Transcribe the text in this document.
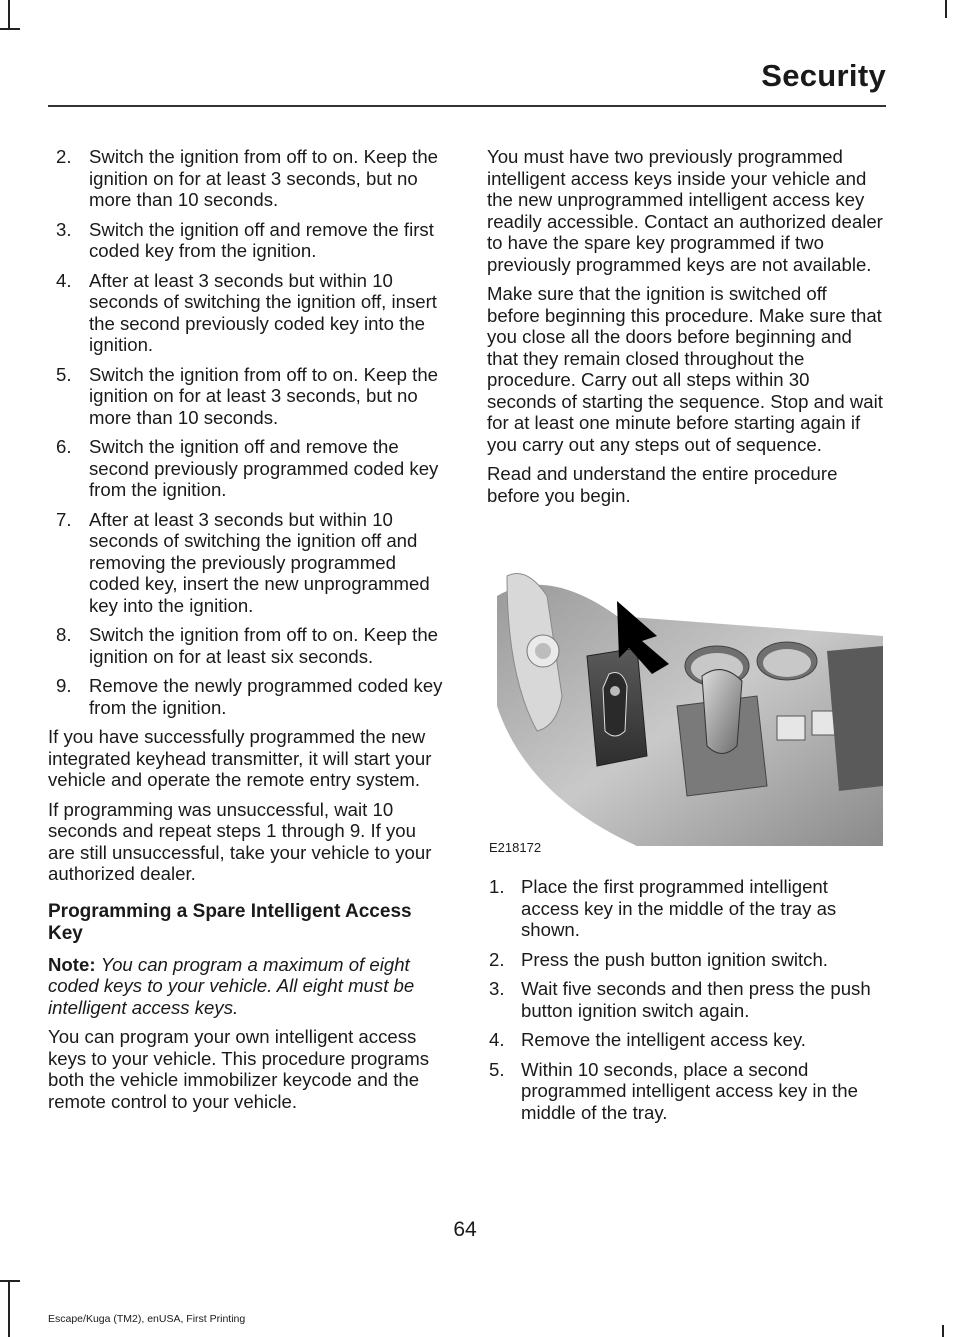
Security
2. Switch the ignition from off to on. Keep the ignition on for at least 3 seconds, but no more than 10 seconds.
3. Switch the ignition off and remove the first coded key from the ignition.
4. After at least 3 seconds but within 10 seconds of switching the ignition off, insert the second previously coded key into the ignition.
5. Switch the ignition from off to on. Keep the ignition on for at least 3 seconds, but no more than 10 seconds.
6. Switch the ignition off and remove the second previously programmed coded key from the ignition.
7. After at least 3 seconds but within 10 seconds of switching the ignition off and removing the previously programmed coded key, insert the new unprogrammed key into the ignition.
8. Switch the ignition from off to on. Keep the ignition on for at least six seconds.
9. Remove the newly programmed coded key from the ignition.

If you have successfully programmed the new integrated keyhead transmitter, it will start your vehicle and operate the remote entry system.

If programming was unsuccessful, wait 10 seconds and repeat steps 1 through 9. If you are still unsuccessful, take your vehicle to your authorized dealer.

Programming a Spare Intelligent Access Key

Note: You can program a maximum of eight coded keys to your vehicle. All eight must be intelligent access keys.

You can program your own intelligent access keys to your vehicle. This procedure programs both the vehicle immobilizer keycode and the remote control to your vehicle.

You must have two previously programmed intelligent access keys inside your vehicle and the new unprogrammed intelligent access key readily accessible. Contact an authorized dealer to have the spare key programmed if two previously programmed keys are not available.

Make sure that the ignition is switched off before beginning this procedure. Make sure that you close all the doors before beginning and that they remain closed throughout the procedure. Carry out all steps within 30 seconds of starting the sequence. Stop and wait for at least one minute before starting again if you carry out any steps out of sequence.

Read and understand the entire procedure before you begin.

E218172
1. Place the first programmed intelligent access key in the middle of the tray as shown.
2. Press the push button ignition switch.
3. Wait five seconds and then press the push button ignition switch again.
4. Remove the intelligent access key.
5. Within 10 seconds, place a second programmed intelligent access key in the middle of the tray.
64
Escape/Kuga (TM2), enUSA, First Printing
